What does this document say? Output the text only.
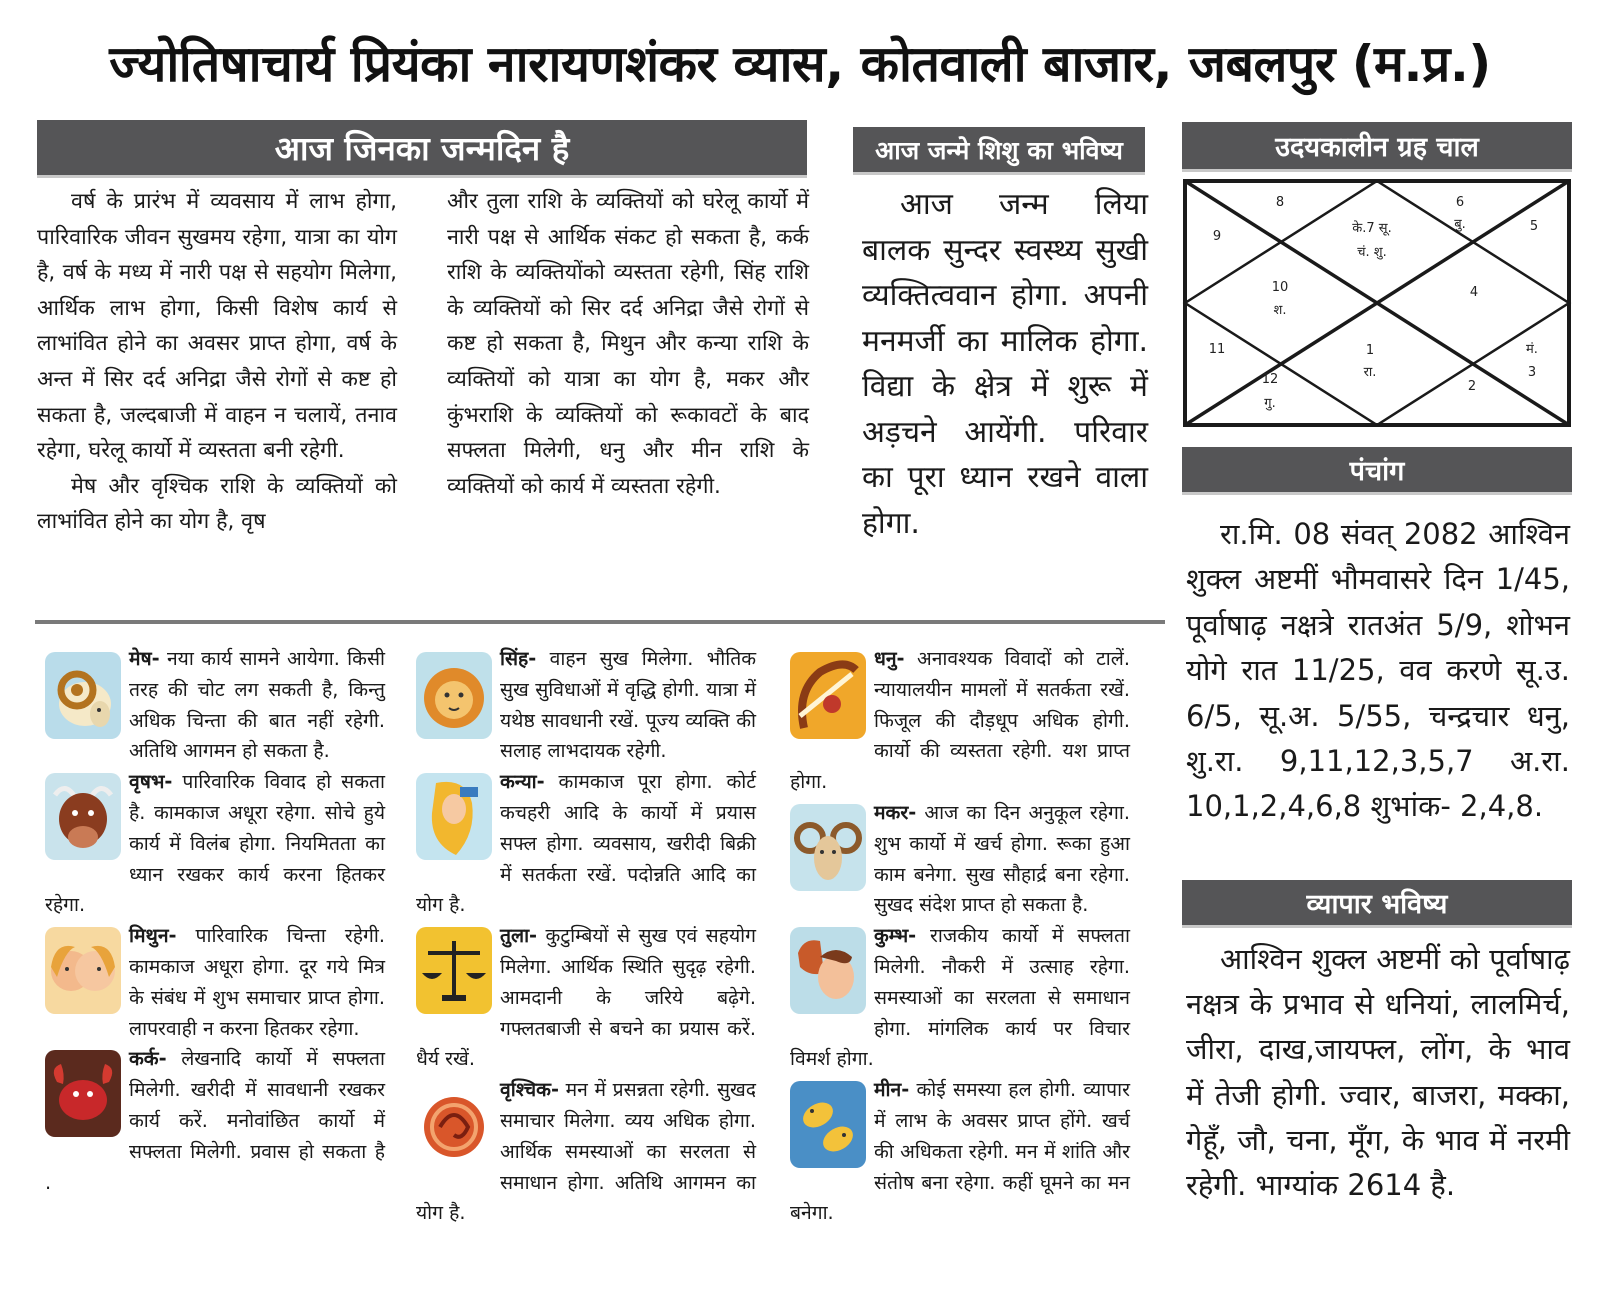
ज्योतिषाचार्य प्रियंका नारायणशंकर व्यास, कोतवाली बाजार, जबलपुर (म.प्र.)
आज जिनका जन्मदिन है	आज जन्मे शिशु का भविष्य	उदयकालीन ग्रह चाल
पंचांग
व्यापार भविष्य

वर्ष के प्रारंभ में व्यवसाय में लाभ होगा, पारिवारिक जीवन सुखमय रहेगा, यात्रा का योग है, वर्ष के मध्य में नारी पक्ष से सहयोग मिलेगा, आर्थिक लाभ होगा, किसी विशेष कार्य से लाभांवित होने का अवसर प्राप्त होगा, वर्ष के अन्त में सिर दर्द अनिद्रा जैसे रोगों से कष्ट हो सकता है, जल्दबाजी में वाहन न चलायें, तनाव रहेगा, घरेलू कार्यो में व्यस्तता बनी रहेगी.

मेष और वृश्चिक राशि के व्यक्तियों को लाभांवित होने का योग है, वृष

और तुला राशि के व्यक्तियों को घरेलू कार्यो में नारी पक्ष से आर्थिक संकट हो सकता है, कर्क राशि के व्यक्तियोंको व्यस्तता रहेगी, सिंह राशि के व्यक्तियों को सिर दर्द अनिद्रा जैसे रोगों से कष्ट हो सकता है, मिथुन और कन्या राशि के व्यक्तियों को यात्रा का योग है, मकर और कुंभराशि के व्यक्तियों को रूकावटों के बाद सफ्लता मिलेगी, धनु और मीन राशि के व्यक्तियों को कार्य में व्यस्तता रहेगी.

आज जन्म लिया बालक सुन्दर स्वस्थ्य सुखी व्यक्तित्ववान होगा. अपनी मनमर्जी का मालिक होगा. विद्या के क्षेत्र में शुरू में अड़चने आयेंगी. परिवार का पूरा ध्यान रखने वाला होगा.

8
9
के.7 सू.
चं. शु.
6
बु.	5
10
श.
4
11	1
रा.
मं.
3
12
गु.
2

रा.मि. 08 संवत् 2082 आश्विन शुक्ल अष्टमीं भौमवासरे दिन 1/45, पूर्वाषाढ़ नक्षत्रे रातअंत 5/9, शोभन योगे रात 11/25, वव करणे सू.उ. 6/5, सू.अ. 5/55, चन्द्रचार धनु, शु.रा. 9,11,12,3,5,7 अ.रा. 10,1,2,4,6,8 शुभांक- 2,4,8.

आश्विन शुक्ल अष्टमीं को पूर्वाषाढ़ नक्षत्र के प्रभाव से धनियां, लालमिर्च, जीरा, दाख,जायफ्ल, लोंग, के भाव में तेजी होगी. ज्वार, बाजरा, मक्का, गेहूँ, जौ, चना, मूँग, के भाव में नरमी रहेगी. भाग्यांक 2614 है.

मेष-
नया कार्य सामने आयेगा. किसी तरह की चोट लग सकती है, किन्तु अधिक चिन्ता की बात नहीं रहेगी. अतिथि आगमन हो सकता है.
वृषभ-
पारिवारिक विवाद हो सकता है. कामकाज अधूरा रहेगा. सोचे हुये कार्य में विलंब होगा. नियमितता का ध्यान रखकर कार्य करना हितकर रहेगा.
मिथुन-
पारिवारिक चिन्ता रहेगी. कामकाज अधूरा होगा. दूर गये मित्र के संबंध में शुभ समाचार प्राप्त होगा. लापरवाही न करना हितकर रहेगा.
कर्क-
लेखनादि कार्यो में सफ्लता मिलेगी. खरीदी में सावधानी रखकर कार्य करें. मनोवांछित कार्यो में सफ्लता मिलेगी. प्रवास हो सकता है .
सिंह-
वाहन सुख मिलेगा. भौतिक सुख सुविधाओं में वृद्धि होगी. यात्रा में यथेष्ठ सावधानी रखें. पूज्य व्यक्ति की सलाह लाभदायक रहेगी.
कन्या-
कामकाज पूरा होगा. कोर्ट कचहरी आदि के कार्यो में प्रयास सफ्ल होगा. व्यवसाय, खरीदी बिक्री में सतर्कता रखें. पदोन्नति आदि का योग है.
तुला-
कुटुम्बियों से सुख एवं सहयोग मिलेगा. आर्थिक स्थिति सुदृढ़ रहेगी. आमदानी के जरिये बढ़ेगे. गफ्लतबाजी से बचने का प्रयास करें. धैर्य रखें.
वृश्चिक-
मन में प्रसन्नता रहेगी. सुखद समाचार मिलेगा. व्यय अधिक होगा. आर्थिक समस्याओं का सरलता से समाधान होगा. अतिथि आगमन का योग है.
धनु-
अनावश्यक विवादों को टालें. न्यायालयीन मामलों में सतर्कता रखें. फिजूल की दौड़धूप अधिक होगी. कार्यो की व्यस्तता रहेगी. यश प्राप्त होगा.
मकर-
आज का दिन अनुकूल रहेगा. शुभ कार्यो में खर्च होगा. रूका हुआ काम बनेगा. सुख सौहार्द्र बना रहेगा. सुखद संदेश प्राप्त हो सकता है.
कुम्भ-
राजकीय कार्यो में सफ्लता मिलेगी. नौकरी में उत्साह रहेगा. समस्याओं का सरलता से समाधान होगा. मांगलिक कार्य पर विचार विमर्श होगा.
मीन-
कोई समस्या हल होगी. व्यापार में लाभ के अवसर प्राप्त होंगे. खर्च की अधिकता रहेगी. मन में शांति और संतोष बना रहेगा. कहीं घूमने का मन बनेगा.
